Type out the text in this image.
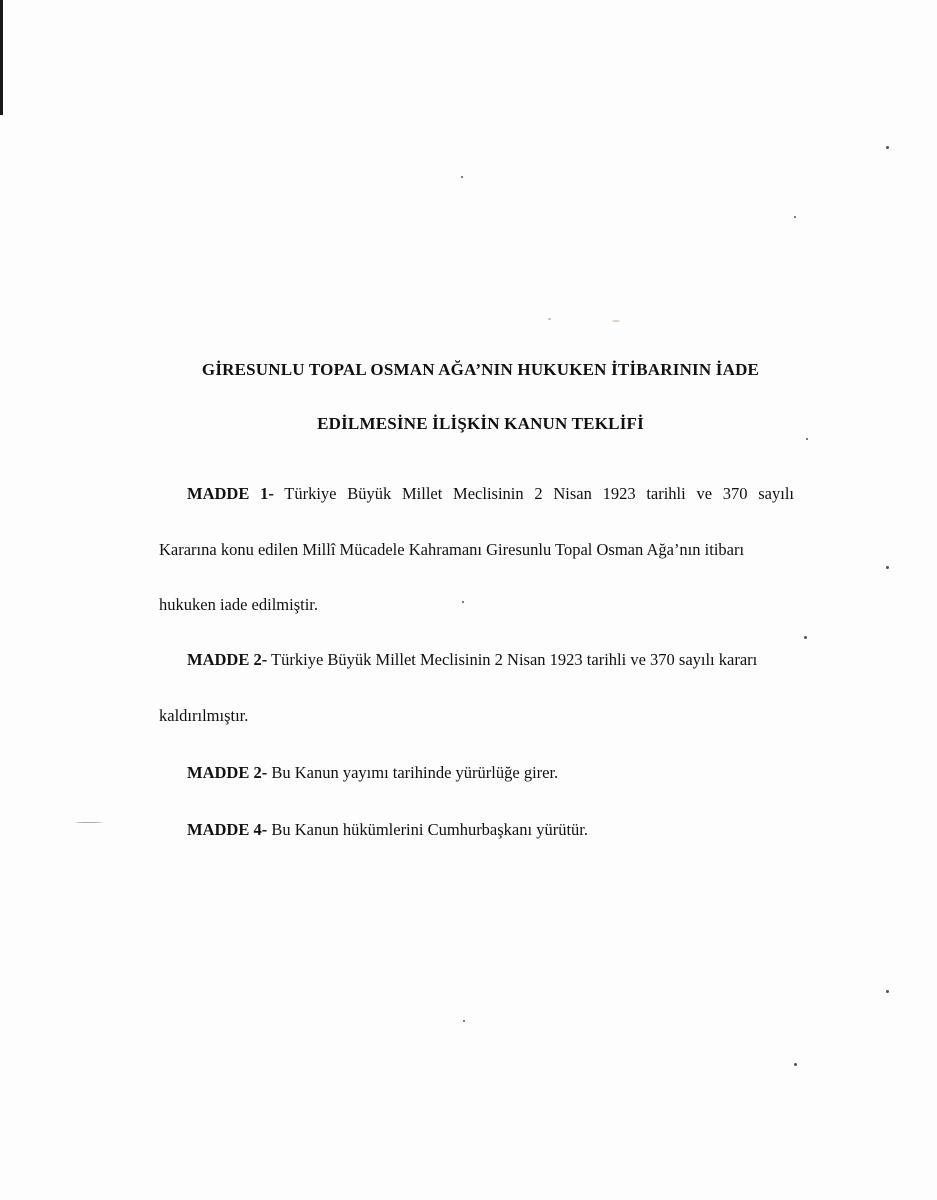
GİRESUNLU TOPAL OSMAN AĞA’NIN HUKUKEN İTİBARININ İADE
EDİLMESİNE İLİŞKİN KANUN TEKLİFİ
MADDE 1- Türkiye Büyük Millet Meclisinin 2 Nisan 1923 tarihli ve 370 sayılı
Kararına konu edilen Millî Mücadele Kahramanı Giresunlu Topal Osman Ağa’nın itibarı
hukuken iade edilmiştir.
MADDE 2- Türkiye Büyük Millet Meclisinin 2 Nisan 1923 tarihli ve 370 sayılı kararı
kaldırılmıştır.
MADDE 2- Bu Kanun yayımı tarihinde yürürlüğe girer.
MADDE 4- Bu Kanun hükümlerini Cumhurbaşkanı yürütür.
